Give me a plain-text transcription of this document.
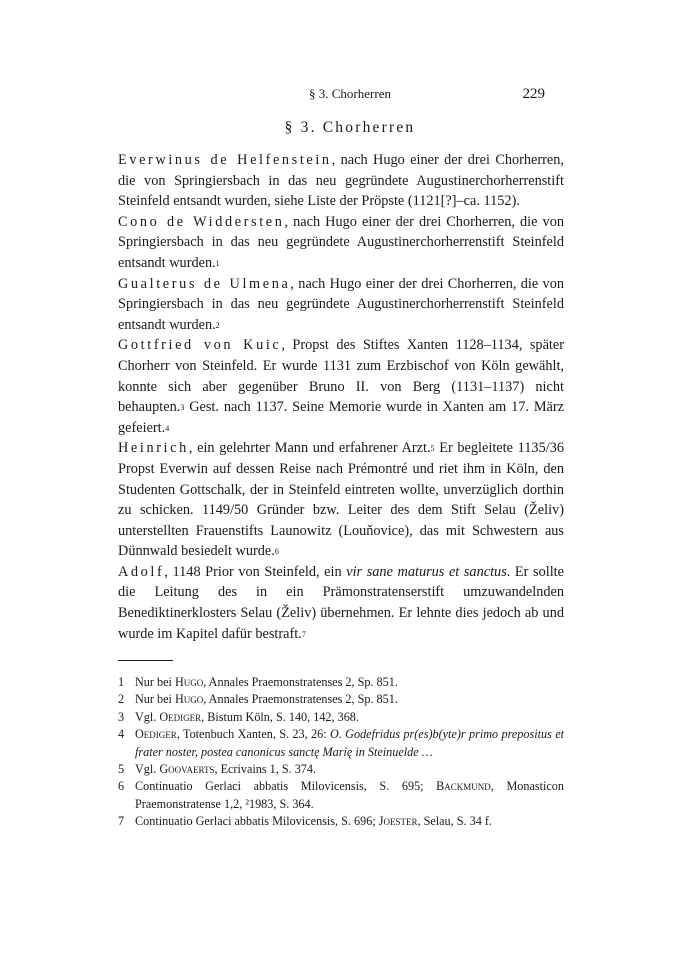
§ 3. Chorherren	229
§ 3. Chorherren

Everwinus de Helfenstein, nach Hugo einer der drei Chorherren, die von Springiersbach in das neu gegründete Augustinerchorherrenstift Steinfeld entsandt wurden, siehe Liste der Pröpste (1121[?]–ca. 1152).

Cono de Widdersten, nach Hugo einer der drei Chorherren, die von Springiersbach in das neu gegründete Augustinerchorherrenstift Steinfeld entsandt wurden.$^1$

Gualterus de Ulmena, nach Hugo einer der drei Chorherren, die von Springiersbach in das neu gegründete Augustinerchorherrenstift Steinfeld entsandt wurden.$^2$

Gottfried von Kuic, Propst des Stiftes Xanten 1128–1134, später Chorherr von Steinfeld. Er wurde 1131 zum Erzbischof von Köln gewählt, konnte sich aber gegenüber Bruno II. von Berg (1131–1137) nicht behaupten.$^3$ Gest. nach 1137. Seine Memorie wurde in Xanten am 17. März gefeiert.$^4$

Heinrich, ein gelehrter Mann und erfahrener Arzt.$^5$ Er begleitete 1135/36 Propst Everwin auf dessen Reise nach Prémontré und riet ihm in Köln, den Studenten Gottschalk, der in Steinfeld eintreten wollte, unverzüglich dorthin zu schicken. 1149/50 Gründer bzw. Leiter des dem Stift Selau (Želiv) unterstellten Frauenstifts Launowitz (Louňovice), das mit Schwestern aus Dünnwald besiedelt wurde.$^6$

Adolf, 1148 Prior von Steinfeld, ein vir sane maturus et sanctus. Er sollte die Leitung des in ein Prämonstratenserstift umzuwandelnden Benediktinerklosters Selau (Želiv) übernehmen. Er lehnte dies jedoch ab und wurde im Kapitel dafür bestraft.$^7$

1 Nur bei Hugo, Annales Praemonstratenses 2, Sp. 851.

2 Nur bei Hugo, Annales Praemonstratenses 2, Sp. 851.

3 Vgl. Oediger, Bistum Köln, S. 140, 142, 368.

4 Oediger, Totenbuch Xanten, S. 23, 26: O. Godefridus pr(es)b(yte)r primo prepositus et frater noster, postea canonicus sanctę Marię in Steinuelde …

5 Vgl. Goovaerts, Ecrivains 1, S. 374.

6 Continuatio Gerlaci abbatis Milovicensis, S. 695; Backmund, Monasticon Praemonstratense 1,2, ²1983, S. 364.

7 Continuatio Gerlaci abbatis Milovicensis, S. 696; Joester, Selau, S. 34 f.
